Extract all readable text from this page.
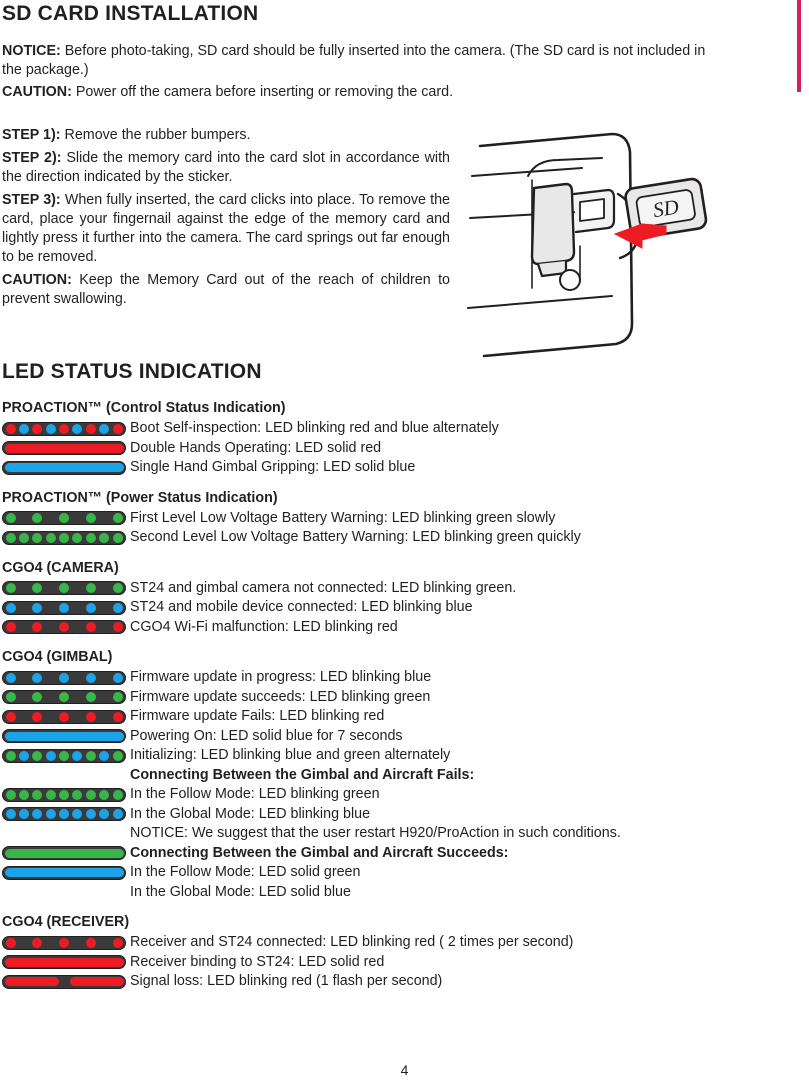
SD CARD INSTALLATION

NOTICE: Before photo-taking, SD card should be fully inserted into the camera. (The SD card is not included in the package.)

CAUTION: Power off the camera before inserting or removing the card.

STEP 1): Remove the rubber bumpers.

STEP 2): Slide the memory card into the card slot in accordance with the direction indicated by the sticker.

STEP 3): When fully inserted, the card clicks into place. To remove the card, place your fingernail against the edge of the memory card and lightly press it further into the camera. The card springs out far enough to be removed.

CAUTION: Keep the Memory Card out of the reach of children to prevent swallowing.

SD
LED STATUS INDICATION
PROACTION™ (Control Status Indication)
Boot Self-inspection: LED blinking red and blue alternately
Double Hands Operating: LED solid red
Single Hand Gimbal Gripping: LED solid blue
PROACTION™ (Power Status Indication)
First Level Low Voltage Battery Warning: LED blinking green slowly
Second Level Low Voltage Battery Warning: LED blinking green quickly
CGO4 (CAMERA)
ST24 and gimbal camera not connected: LED blinking green.
ST24 and mobile device connected: LED blinking blue
CGO4 Wi-Fi malfunction: LED blinking red
CGO4 (GIMBAL)
Firmware update in progress: LED blinking blue
Firmware update succeeds: LED blinking green
Firmware update Fails: LED blinking red
Powering On: LED solid blue for 7 seconds
Initializing: LED blinking blue and green alternately
Connecting Between the Gimbal and Aircraft Fails:
In the Follow Mode: LED blinking green
In the Global Mode: LED blinking blue
NOTICE: We suggest that the user restart H920/ProAction in such conditions.
Connecting Between the Gimbal and Aircraft Succeeds:
In the Follow Mode: LED solid green
In the Global Mode: LED solid blue
CGO4 (RECEIVER)
Receiver and ST24 connected: LED blinking red ( 2 times per second)
Receiver binding to ST24: LED solid red
Signal loss: LED blinking red (1 flash per second)
4
